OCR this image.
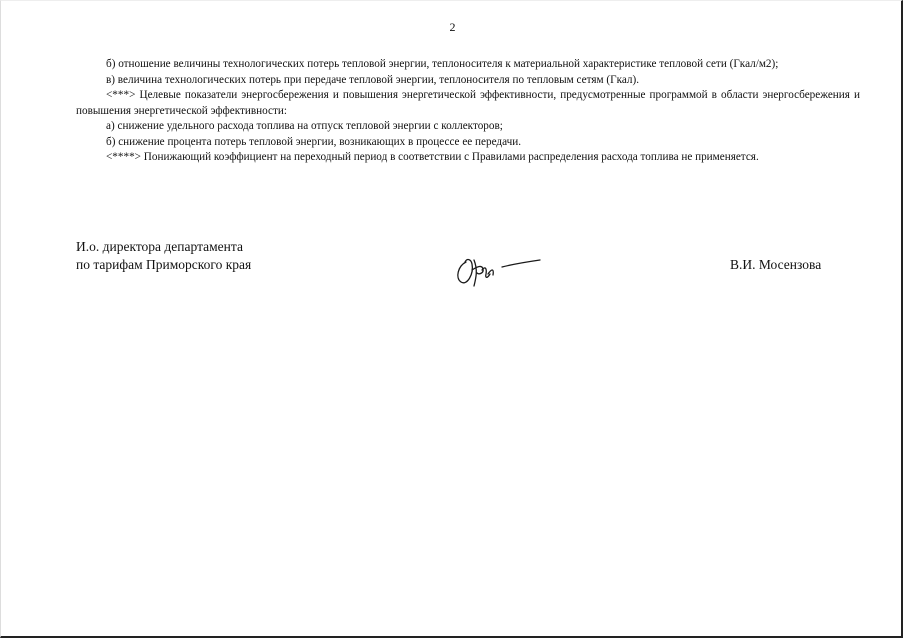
2

б) отношение величины технологических потерь тепловой энергии, теплоносителя к материальной характеристике тепловой сети (Гкал/м2);

в) величина технологических потерь при передаче тепловой энергии, теплоносителя по тепловым сетям (Гкал).

<***> Целевые показатели энергосбережения и повышения энергетической эффективности, предусмотренные программой в области энергосбережения и повышения энергетической эффективности:

а) снижение удельного расхода топлива на отпуск тепловой энергии с коллекторов;

б) снижение процента потерь тепловой энергии, возникающих в процессе ее передачи.

<****> Понижающий коэффициент на переходный период в соответствии с Правилами распределения расхода топлива не применяется.

И.о. директора департамента
по тарифам Приморского края	В.И. Мосензова
